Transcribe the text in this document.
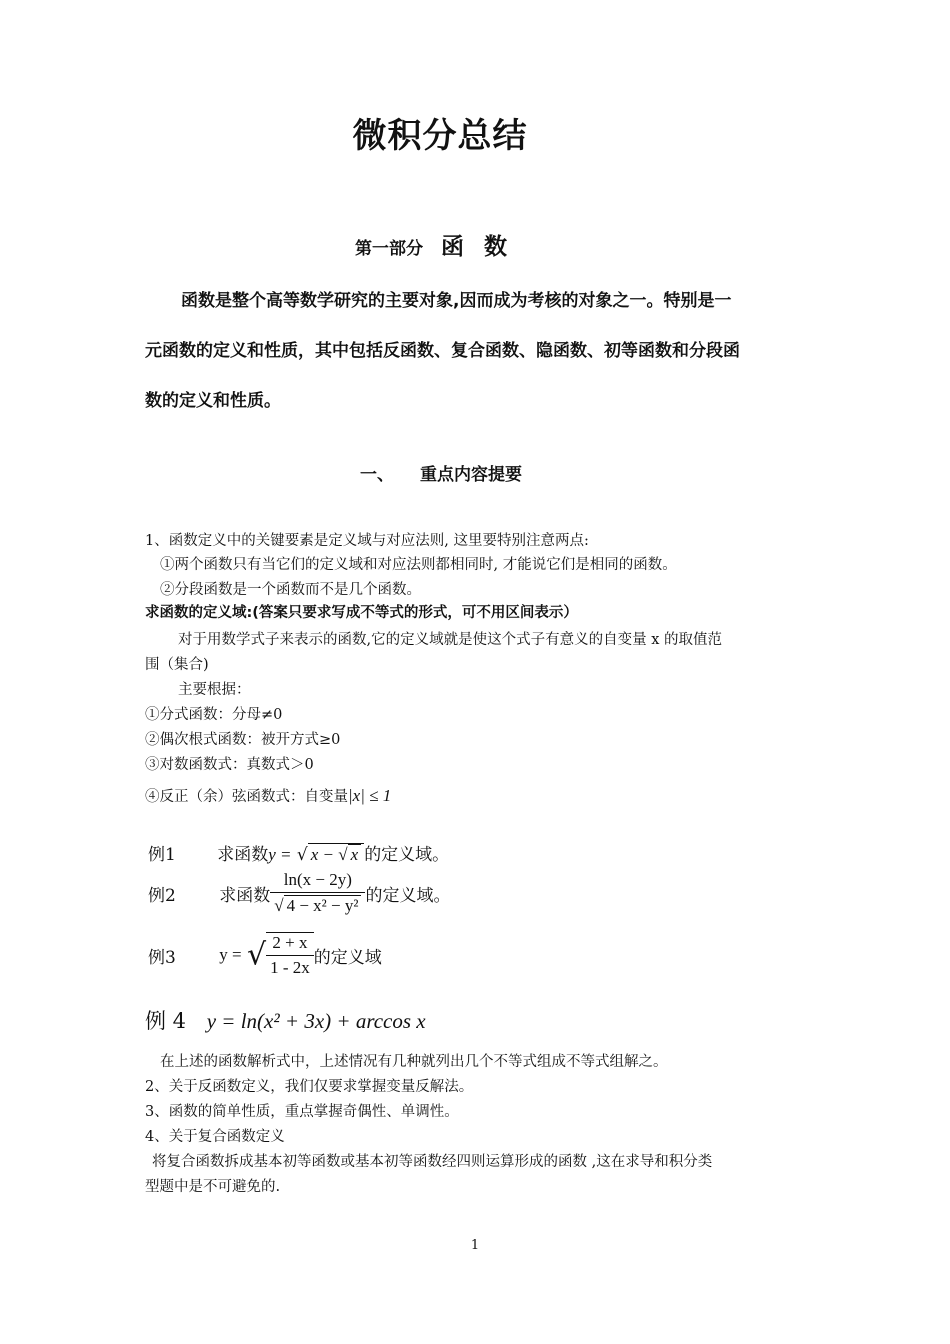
微积分总结
第一部分 函 数
函数是整个高等数学研究的主要对象,因而成为考核的对象之一。特别是一
元函数的定义和性质，其中包括反函数、复合函数、隐函数、初等函数和分段函
数的定义和性质。
一、 重点内容提要
1、函数定义中的关键要素是定义域与对应法则, 这里要特别注意两点:
①两个函数只有当它们的定义域和对应法则都相同时, 才能说它们是相同的函数。
②分段函数是一个函数而不是几个函数。
求函数的定义域:(答案只要求写成不等式的形式，可不用区间表示）
对于用数学式子来表示的函数,它的定义域就是使这个式子有意义的自变量 x 的取值范
围（集合)
主要根据：
①分式函数：分母≠0
②偶次根式函数：被开方式≥0
③对数函数式：真数式＞0
④反正（余）弦函数式：自变量|x| ≤ 1
例1 求函数y = √ x − √ x 的定义域。
例2	求函数 $\frac{\ln(x - 2y)}{\text{√ 4 − x² − y²}}$ 的定义域。
例3	y = √ $\frac{2 + x}{1 - 2x}$ 的定义域
例 4 y = ln(x² + 3x) + arccos x
在上述的函数解析式中，上述情况有几种就列出几个不等式组成不等式组解之。
2、关于反函数定义，我们仅要求掌握变量反解法。
3、函数的简单性质，重点掌握奇偶性、单调性。
4、关于复合函数定义
将复合函数拆成基本初等函数或基本初等函数经四则运算形成的函数 ,这在求导和积分类
型题中是不可避免的.
1
